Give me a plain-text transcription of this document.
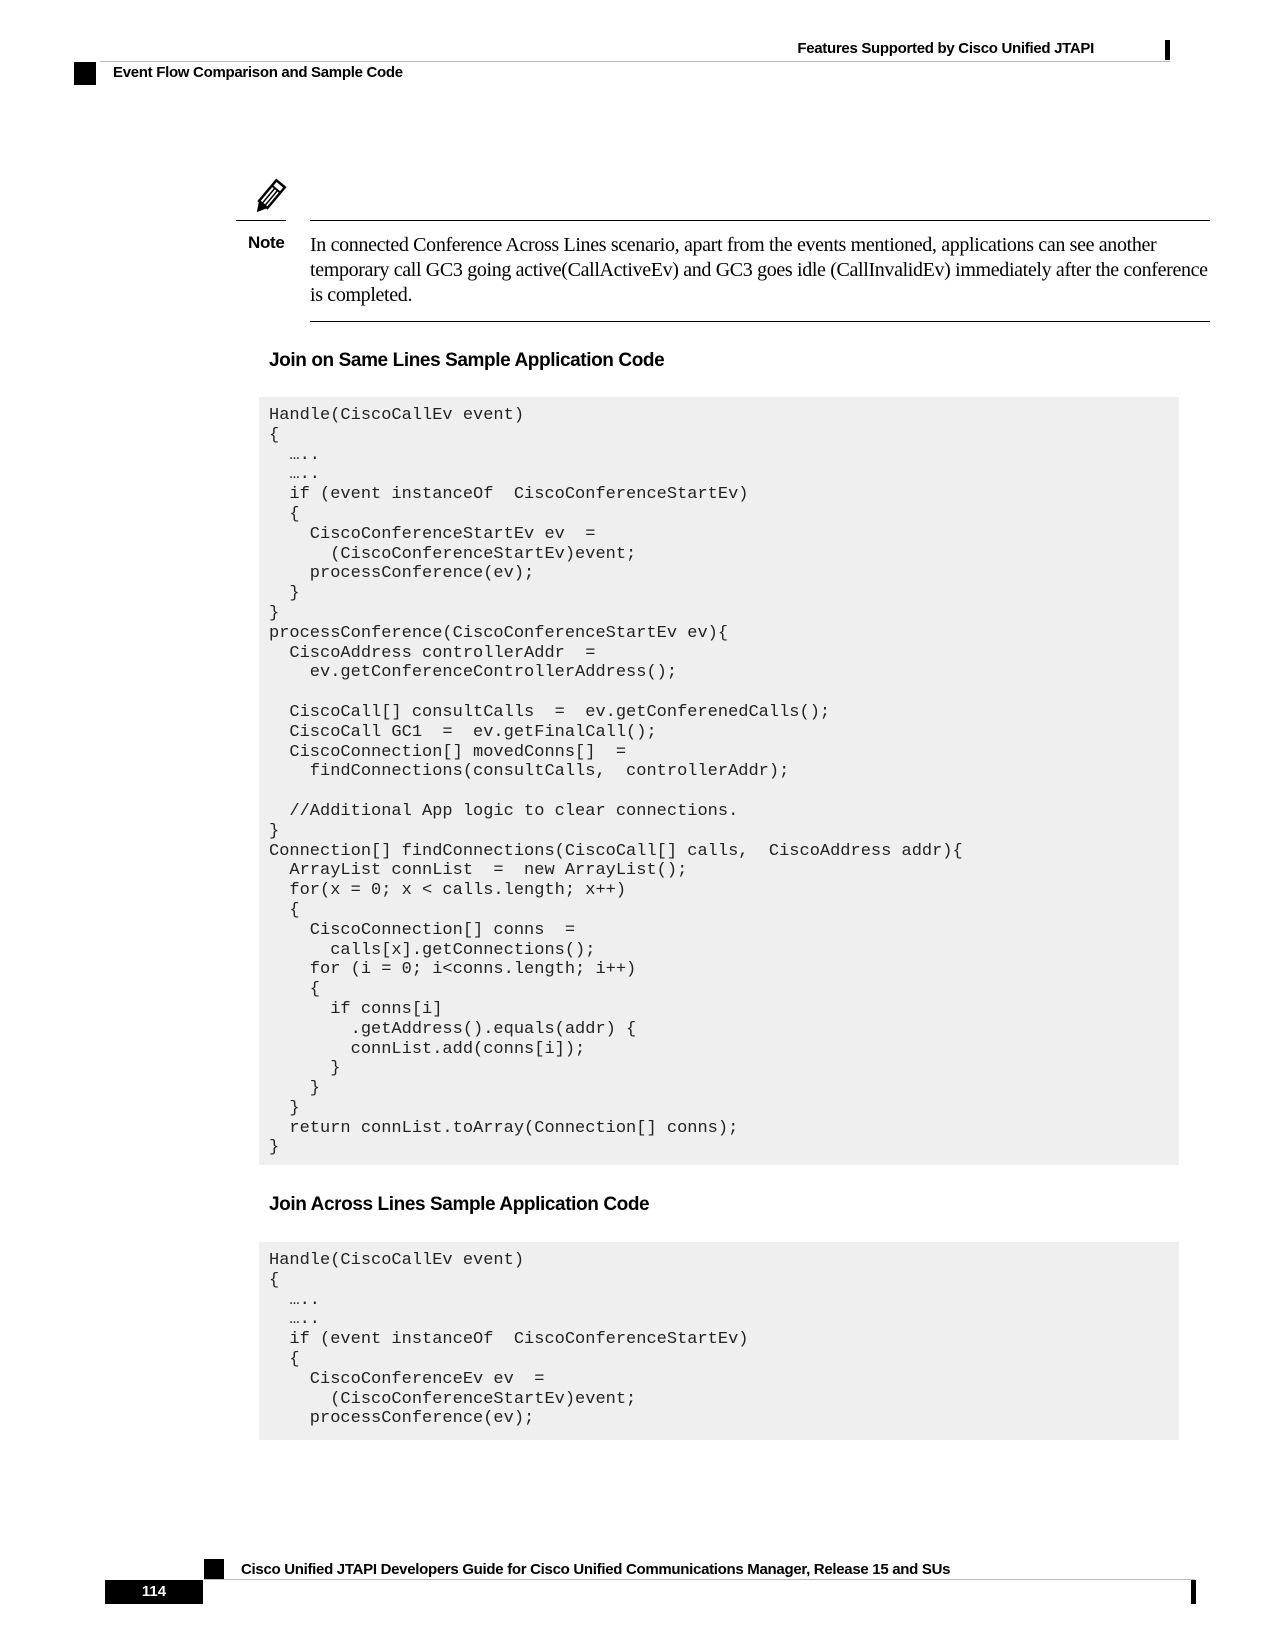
Features Supported by Cisco Unified JTAPI
Event Flow Comparison and Sample Code
Note In connected Conference Across Lines scenario, apart from the events mentioned, applications can see another temporary call GC3 going active(CallActiveEv) and GC3 goes idle (CallInvalidEv) immediately after the conference is completed.
Join on Same Lines Sample Application Code
Handle(CiscoCallEv event)
{
…..
…..
if (event instanceOf  CiscoConferenceStartEv)
{
CiscoConferenceStartEv ev  =
(CiscoConferenceStartEv)event;
processConference(ev);
}
}
processConference(CiscoConferenceStartEv ev){
CiscoAddress controllerAddr  =
ev.getConferenceControllerAddress();
CiscoCall[] consultCalls  =  ev.getConferenedCalls();
CiscoCall GC1  =  ev.getFinalCall();
CiscoConnection[] movedConns[]  =
findConnections(consultCalls,  controllerAddr);
//Additional App logic to clear connections.
}
Connection[] findConnections(CiscoCall[] calls,  CiscoAddress addr){
ArrayList connList  =  new ArrayList();
for(x = 0; x < calls.length; x++)
{
CiscoConnection[] conns  =
calls[x].getConnections();
for (i = 0; i<conns.length; i++)
{
if conns[i]
.getAddress().equals(addr) {
connList.add(conns[i]);
}
}
}
return connList.toArray(Connection[] conns);
}
Join Across Lines Sample Application Code
Handle(CiscoCallEv event)
{
…..
…..
if (event instanceOf  CiscoConferenceStartEv)
{
CiscoConferenceEv ev  =
(CiscoConferenceStartEv)event;
processConference(ev);
Cisco Unified JTAPI Developers Guide for Cisco Unified Communications Manager, Release 15 and SUs
114
